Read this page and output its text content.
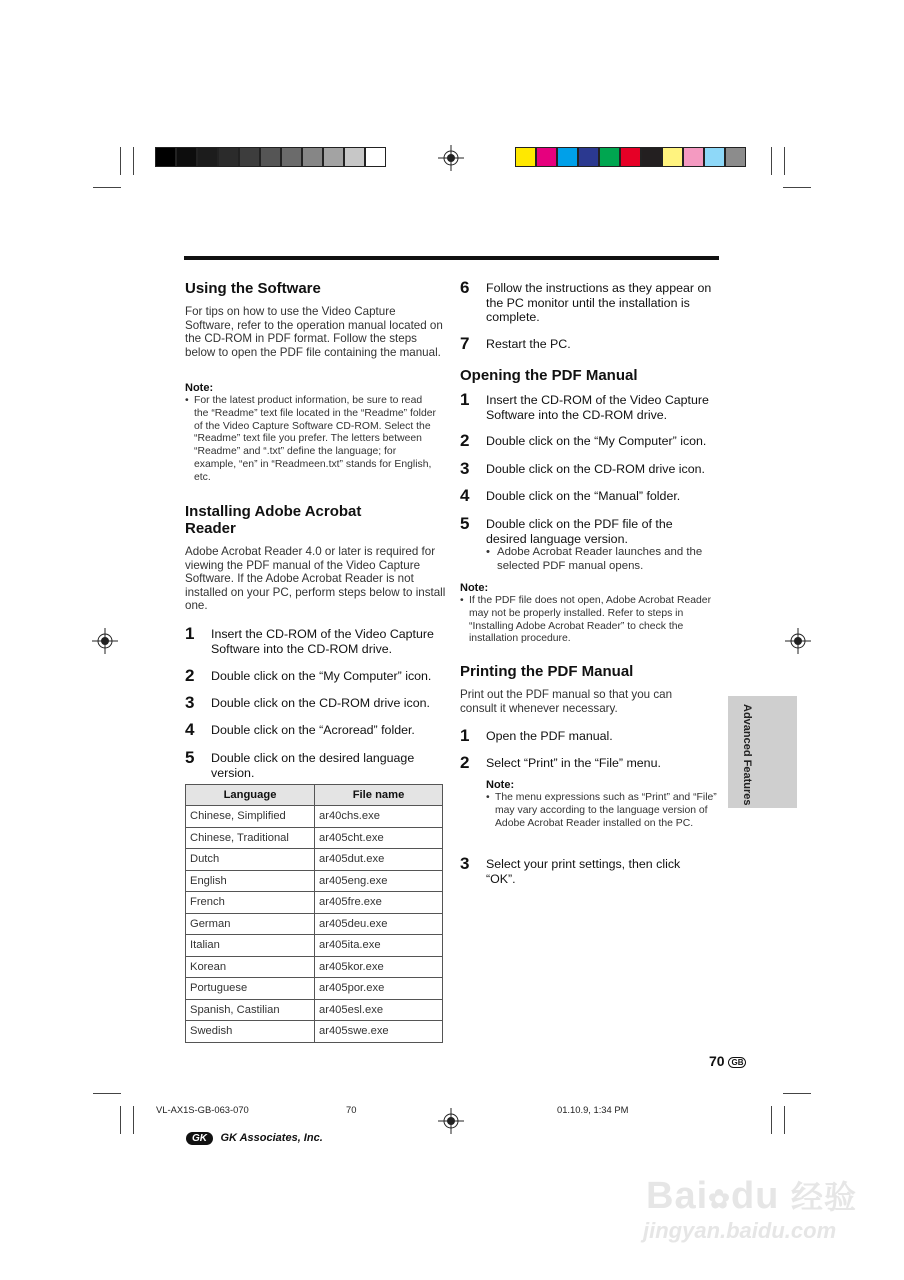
Using the Software
For tips on how to use the Video Capture Software, refer to the operation manual located on the CD-ROM in PDF format. Follow the steps below to open the PDF file containing the manual.
Note:
• For the latest product information, be sure to read the “Readme” text file located in the “Readme” folder of the Video Capture Software CD-ROM. Select the “Readme” text file you prefer. The letters between “Readme” and “.txt” define the language; for example, “en” in “Readmeen.txt” stands for English, etc.
Installing Adobe Acrobat Reader
Adobe Acrobat Reader 4.0 or later is required for viewing the PDF manual of the Video Capture Software. If the Adobe Acrobat Reader is not installed on your PC, perform steps below to install one.
1 Insert the CD-ROM of the Video Capture Software into the CD-ROM drive.
2 Double click on the “My Computer” icon.
3 Double click on the CD-ROM drive icon.
4 Double click on the “Acroread” folder.
5 Double click on the desired language version.
Language	File name
Chinese, Simplified	ar40chs.exe
Chinese, Traditional	ar405cht.exe
Dutch	ar405dut.exe
English	ar405eng.exe
French	ar405fre.exe
German	ar405deu.exe
Italian	ar405ita.exe
Korean	ar405kor.exe
Portuguese	ar405por.exe
Spanish, Castilian	ar405esl.exe
Swedish	ar405swe.exe
6 Follow the instructions as they appear on the PC monitor until the installation is complete.
7 Restart the PC.
Opening the PDF Manual
1 Insert the CD-ROM of the Video Capture Software into the CD-ROM drive.
2 Double click on the “My Computer” icon.
3 Double click on the CD-ROM drive icon.
4 Double click on the “Manual” folder.
5 Double click on the PDF file of the desired language version.
• Adobe Acrobat Reader launches and the selected PDF manual opens.
Note:
• If the PDF file does not open, Adobe Acrobat Reader may not be properly installed. Refer to steps in “Installing Adobe Acrobat Reader” to check the installation procedure.
Printing the PDF Manual
Print out the PDF manual so that you can consult it whenever necessary.
1 Open the PDF manual.
2 Select “Print” in the “File” menu.
Note:
• The menu expressions such as “Print” and “File” may vary according to the language version of Adobe Acrobat Reader installed on the PC.
3 Select your print settings, then click “OK”.
Advanced Features
70 GB
VL-AX1S-GB-063-070	70	01.10.9, 1:34 PM
GK GK Associates, Inc.
Bai✿du 经验
jingyan.baidu.com
